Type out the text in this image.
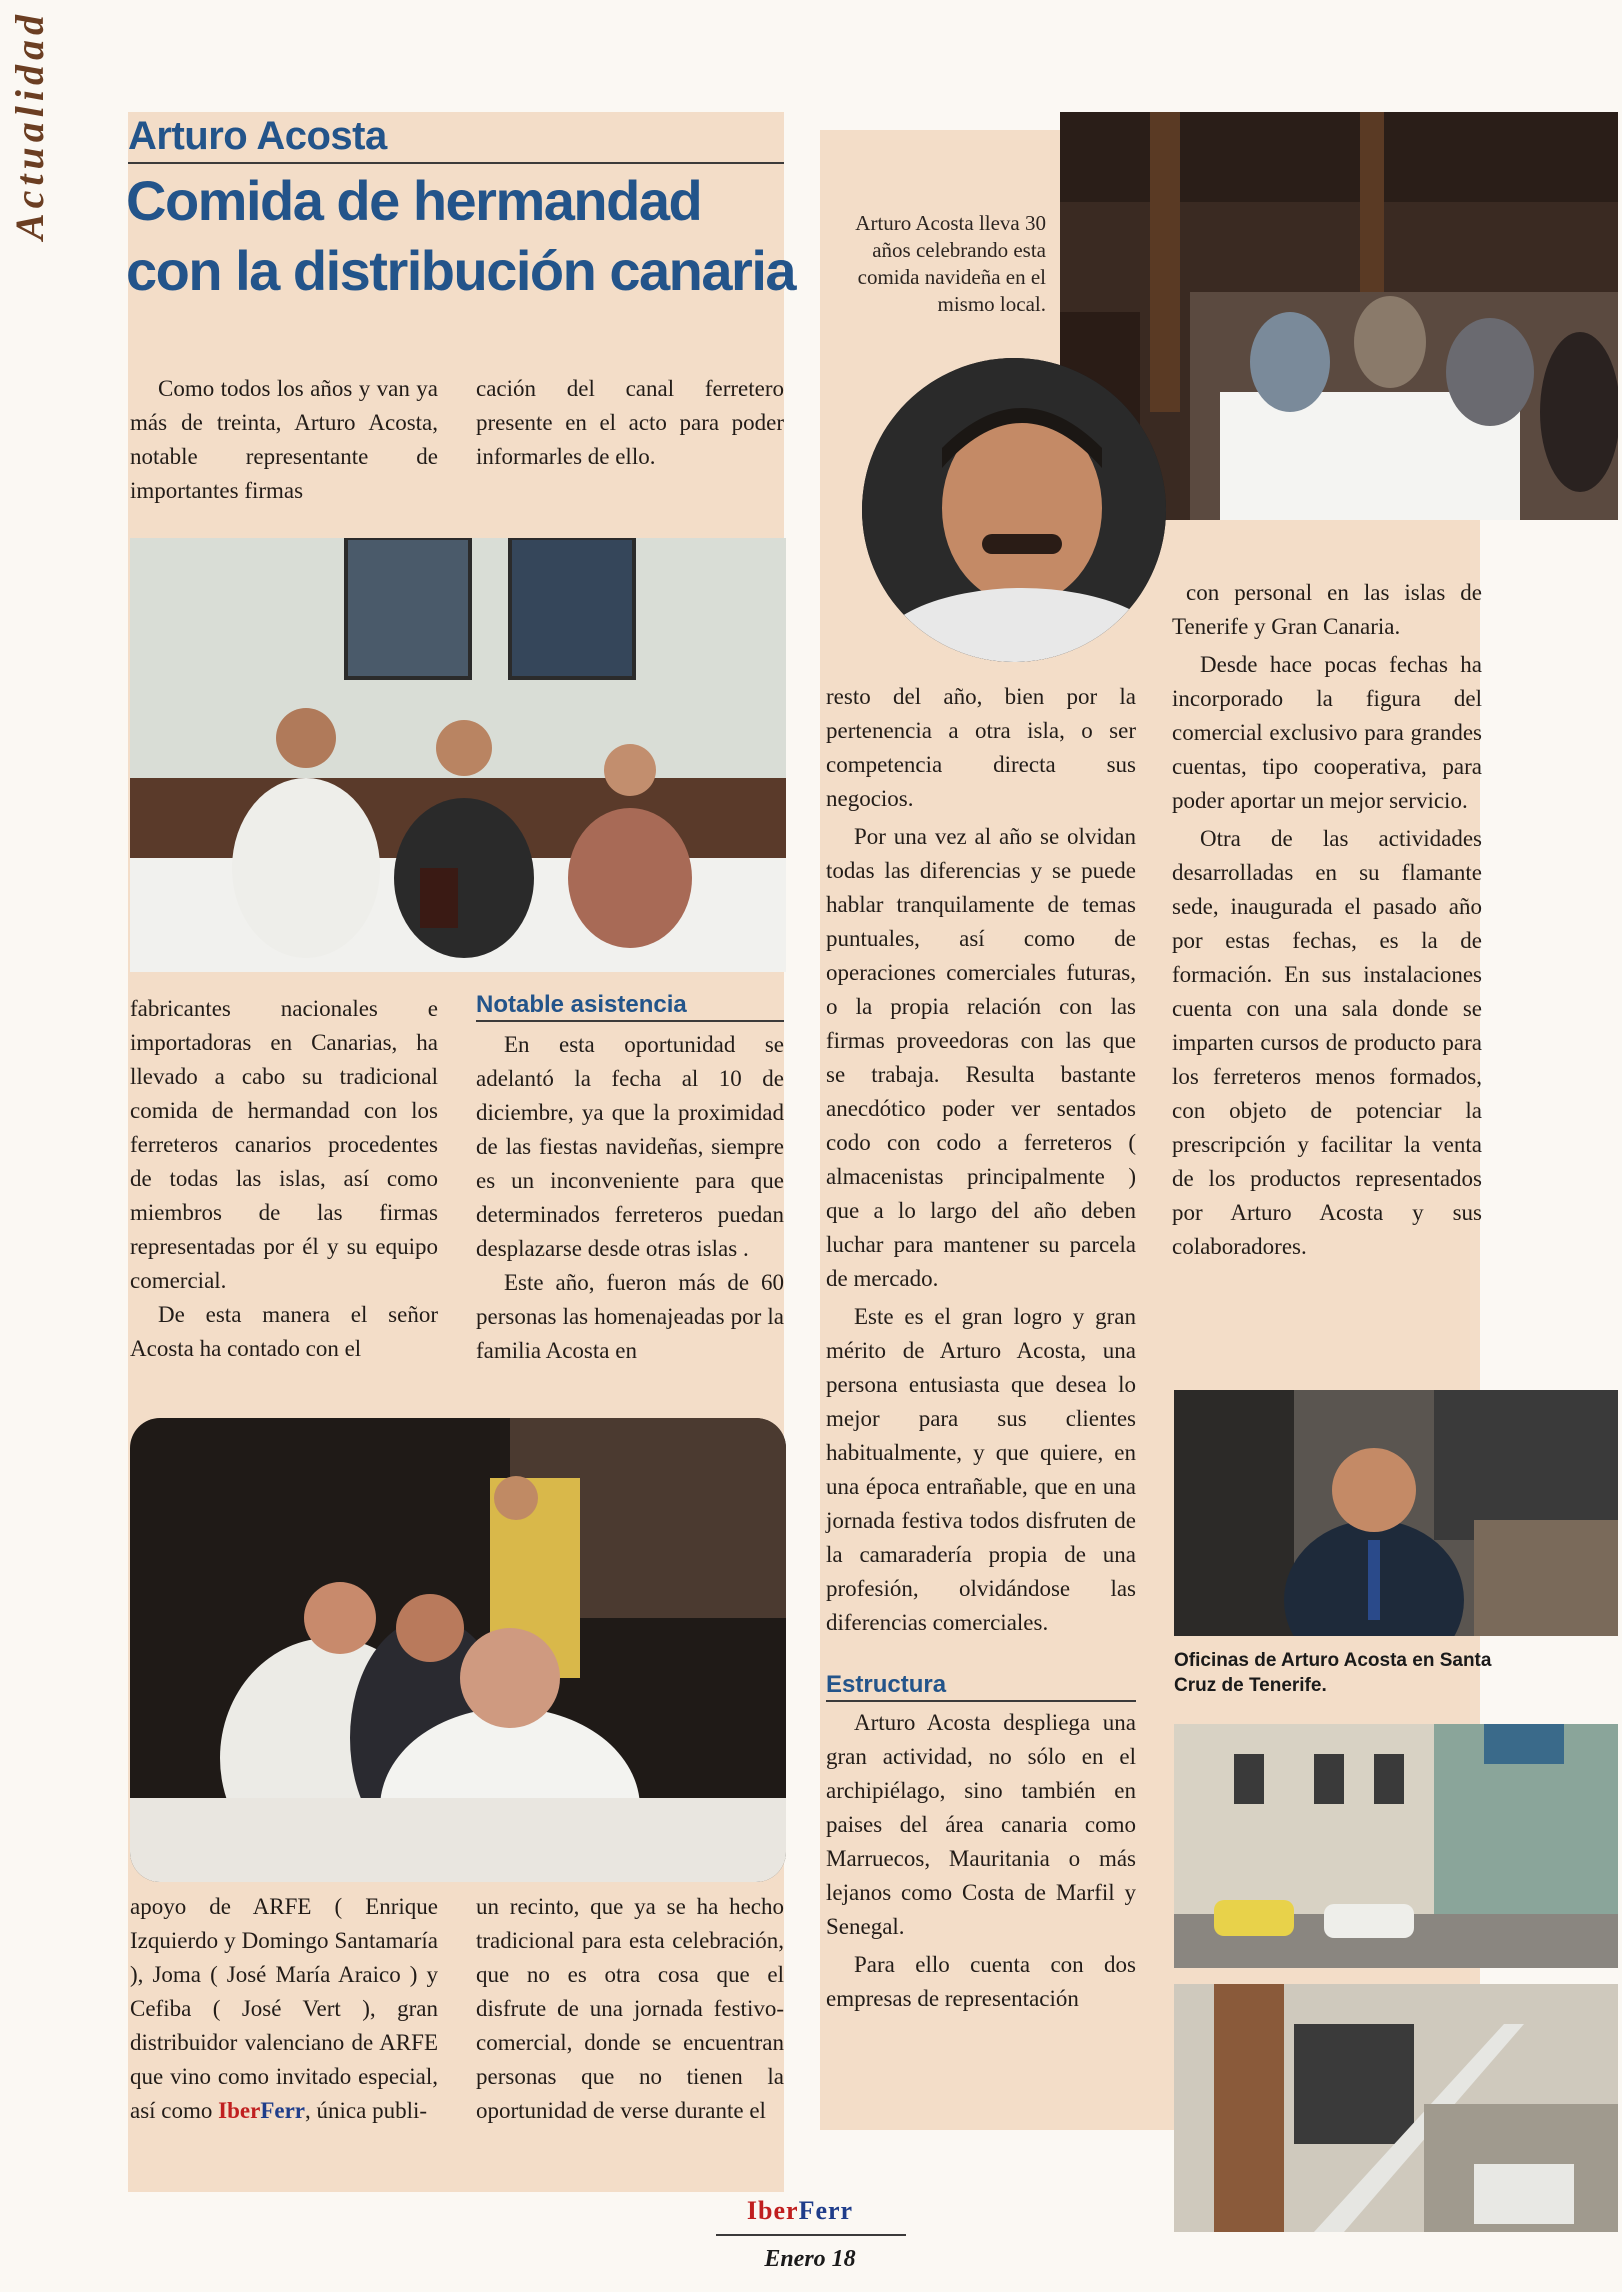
Actualidad Arturo Acosta
Comida de hermandad con la distribución canaria

Como todos los años y van ya más de treinta, Arturo Acosta, notable representante de importantes firmas

cación del canal ferretero presente en el acto para poder informarles de ello.

fabricantes nacionales e importadoras en Canarias, ha llevado a cabo su tradicional comida de hermandad con los ferreteros canarios procedentes de todas las islas, así como miembros de las firmas representadas por él y su equipo comercial.

De esta manera el señor Acosta ha contado con el

Notable asistencia

En esta oportunidad se adelantó la fecha al 10 de diciembre, ya que la proximidad de las fiestas navideñas, siempre es un inconveniente para que determinados ferreteros puedan desplazarse desde otras islas .

Este año, fueron más de 60 personas las homenajeadas por la familia Acosta en

apoyo de ARFE ( Enrique Izquierdo y Domingo Santamaría ), Joma ( José María Araico ) y Cefiba ( José Vert ), gran distribuidor valenciano de ARFE que vino como invitado especial, así como IberFerr, única publi-

un recinto, que ya se ha hecho tradicional para esta celebración, que no es otra cosa que el disfrute de una jornada festivo-comercial, donde se encuentran personas que no tienen la oportunidad de verse durante el

Arturo Acosta lleva 30 años celebrando esta comida navideña en el mismo local.

resto del año, bien por la pertenencia a otra isla, o ser competencia directa sus negocios.

Por una vez al año se olvidan todas las diferencias y se puede hablar tranquilamente de temas puntuales, así como de operaciones comerciales futuras, o la propia relación con las firmas proveedoras con las que se trabaja. Resulta bastante anecdótico poder ver sentados codo con codo a ferreteros ( almacenistas principalmente ) que a lo largo del año deben luchar para mantener su parcela de mercado.

Este es el gran logro y gran mérito de Arturo Acosta, una persona entusiasta que desea lo mejor para sus clientes habitualmente, y que quiere, en una época entrañable, que en una jornada festiva todos disfruten de la camaradería propia de una profesión, olvidándose las diferencias comerciales.

Estructura

Arturo Acosta despliega una gran actividad, no sólo en el archipiélago, sino también en paises del área canaria como Marruecos, Mauritania o más lejanos como Costa de Marfil y Senegal.

Para ello cuenta con dos empresas de representación

con personal en las islas de Tenerife y Gran Canaria.

Desde hace pocas fechas ha incorporado la figura del comercial exclusivo para grandes cuentas, tipo cooperativa, para poder aportar un mejor servicio.

Otra de las actividades desarrolladas en su flamante sede, inaugurada el pasado año por estas fechas, es la de formación. En sus instalaciones cuenta con una sala donde se imparten cursos de producto para los ferreteros menos formados, con objeto de potenciar la prescripción y facilitar la venta de los productos representados por Arturo Acosta y sus colaboradores.

Oficinas de Arturo Acosta en Santa Cruz de Tenerife.
IberFerr
Enero 18
